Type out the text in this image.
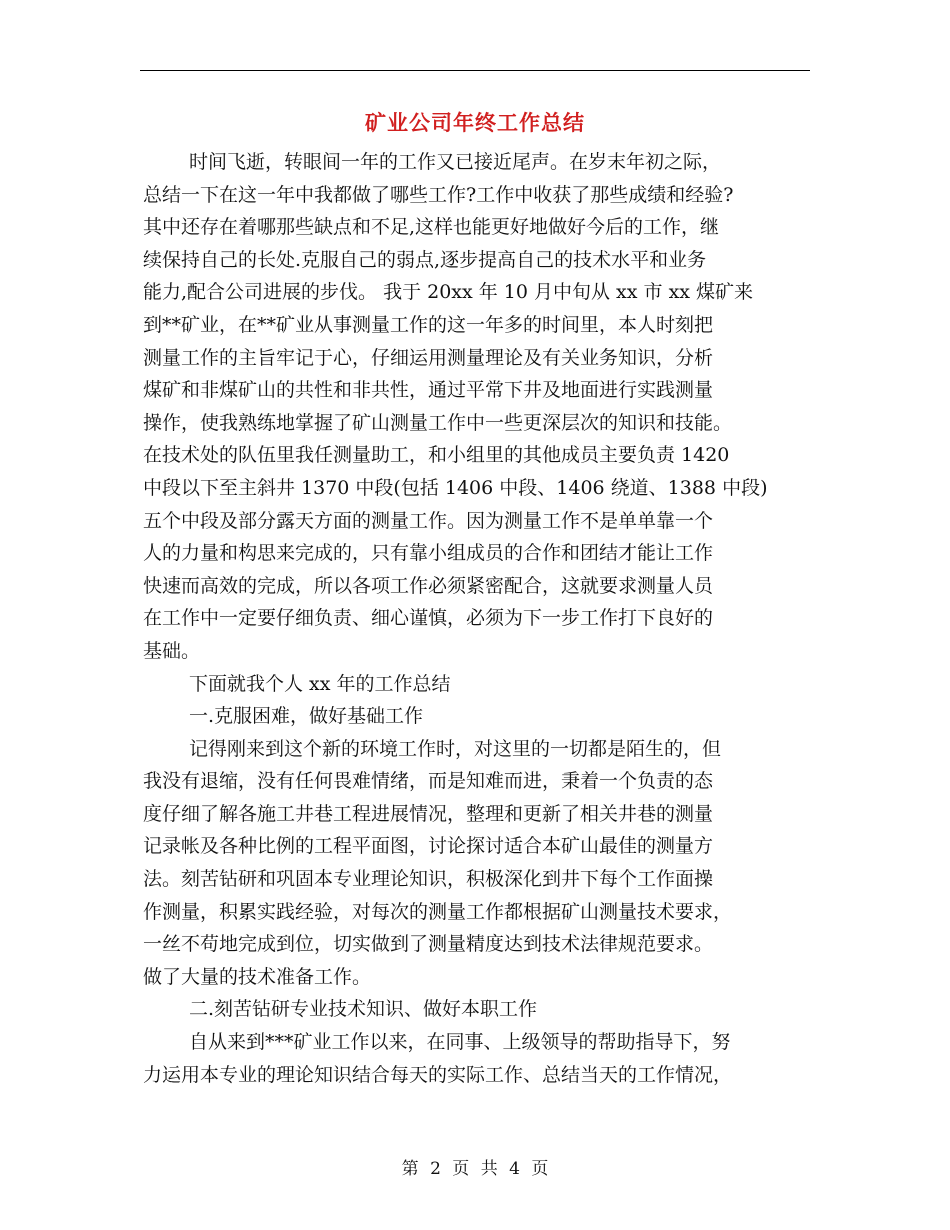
矿业公司年终工作总结
时间飞逝，转眼间一年的工作又已接近尾声。在岁末年初之际，
总结一下在这一年中我都做了哪些工作?工作中收获了那些成绩和经验?
其中还存在着哪那些缺点和不足,这样也能更好地做好今后的工作，继
续保持自己的长处.克服自己的弱点,逐步提高自己的技术水平和业务
能力,配合公司进展的步伐。 我于 20xx 年 10 月中旬从 xx 市 xx 煤矿来
到**矿业，在**矿业从事测量工作的这一年多的时间里，本人时刻把
测量工作的主旨牢记于心，仔细运用测量理论及有关业务知识，分析
煤矿和非煤矿山的共性和非共性，通过平常下井及地面进行实践测量
操作，使我熟练地掌握了矿山测量工作中一些更深层次的知识和技能。
在技术处的队伍里我任测量助工，和小组里的其他成员主要负责 1420
中段以下至主斜井 1370 中段(包括 1406 中段、1406 绕道、1388 中段)
五个中段及部分露天方面的测量工作。因为测量工作不是单单靠一个
人的力量和构思来完成的，只有靠小组成员的合作和团结才能让工作
快速而高效的完成，所以各项工作必须紧密配合，这就要求测量人员
在工作中一定要仔细负责、细心谨慎，必须为下一步工作打下良好的
基础。
下面就我个人 xx 年的工作总结
一.克服困难，做好基础工作
记得刚来到这个新的环境工作时，对这里的一切都是陌生的，但
我没有退缩，没有任何畏难情绪，而是知难而进，秉着一个负责的态
度仔细了解各施工井巷工程进展情况，整理和更新了相关井巷的测量
记录帐及各种比例的工程平面图，讨论探讨适合本矿山最佳的测量方
法。刻苦钻研和巩固本专业理论知识，积极深化到井下每个工作面操
作测量，积累实践经验，对每次的测量工作都根据矿山测量技术要求，
一丝不苟地完成到位，切实做到了测量精度达到技术法律规范要求。
做了大量的技术准备工作。
二.刻苦钻研专业技术知识、做好本职工作
自从来到***矿业工作以来，在同事、上级领导的帮助指导下，努
力运用本专业的理论知识结合每天的实际工作、总结当天的工作情况，
第 2 页 共 4 页
